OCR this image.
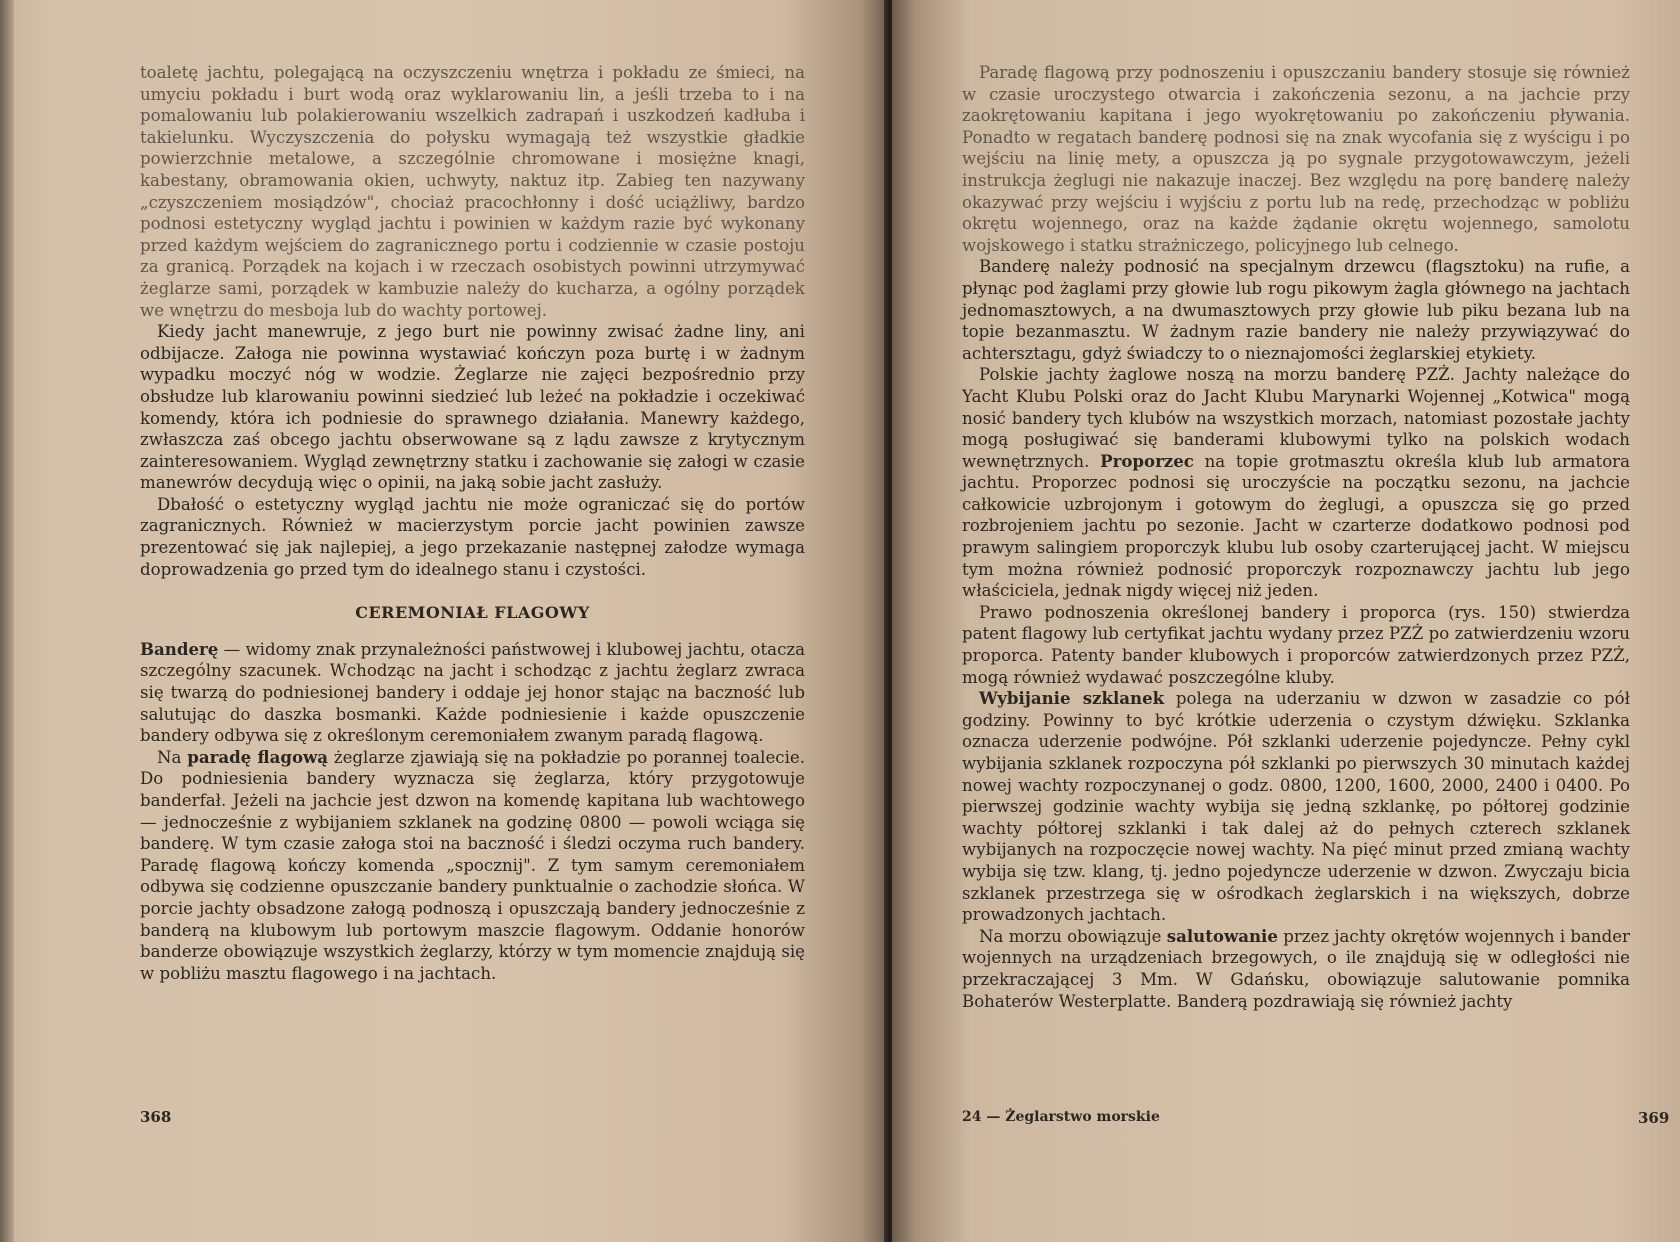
toaletę jachtu, polegającą na oczyszczeniu wnętrza i pokładu ze śmieci, na umyciu pokładu i burt wodą oraz wyklarowaniu lin, a jeśli trzeba to i na pomalowaniu lub polakierowaniu wszelkich zadrapań i uszkodzeń kadłuba i takielunku. Wyczyszczenia do połysku wymagają też wszystkie gładkie powierzchnie metalowe, a szczególnie chromowane i mosiężne knagi, kabestany, obramowania okien, uchwyty, naktuz itp. Zabieg ten nazywany „czyszczeniem mosiądzów", chociaż pracochłonny i dość uciążliwy, bardzo podnosi estetyczny wygląd jachtu i powinien w każdym razie być wykonany przed każdym wejściem do zagranicznego portu i codziennie w czasie postoju za granicą. Porządek na kojach i w rzeczach osobistych powinni utrzymywać żeglarze sami, porządek w kambuzie należy do kucharza, a ogólny porządek we wnętrzu do mesboja lub do wachty portowej.

Kiedy jacht manewruje, z jego burt nie powinny zwisać żadne liny, ani odbijacze. Załoga nie powinna wystawiać kończyn poza burtę i w żadnym wypadku moczyć nóg w wodzie. Żeglarze nie zajęci bezpośrednio przy obsłudze lub klarowaniu powinni siedzieć lub leżeć na pokładzie i oczekiwać komendy, która ich podniesie do sprawnego działania. Manewry każdego, zwłaszcza zaś obcego jachtu obserwowane są z lądu zawsze z krytycznym zainteresowaniem. Wygląd zewnętrzny statku i zachowanie się załogi w czasie manewrów decydują więc o opinii, na jaką sobie jacht zasłuży.

Dbałość o estetyczny wygląd jachtu nie może ograniczać się do portów zagranicznych. Również w macierzystym porcie jacht powinien zawsze prezentować się jak najlepiej, a jego przekazanie następnej załodze wymaga doprowadzenia go przed tym do idealnego stanu i czystości.

CEREMONIAŁ FLAGOWY

Banderę — widomy znak przynależności państwowej i klubowej jachtu, otacza szczególny szacunek. Wchodząc na jacht i schodząc z jachtu żeglarz zwraca się twarzą do podniesionej bandery i oddaje jej honor stając na baczność lub salutując do daszka bosmanki. Każde podniesienie i każde opuszczenie bandery odbywa się z określonym ceremoniałem zwanym paradą flagową.

Na paradę flagową żeglarze zjawiają się na pokładzie po porannej toalecie. Do podniesienia bandery wyznacza się żeglarza, który przygotowuje banderfał. Jeżeli na jachcie jest dzwon na komendę kapitana lub wachtowego — jednocześnie z wybijaniem szklanek na godzinę 0800 — powoli wciąga się banderę. W tym czasie załoga stoi na baczność i śledzi oczyma ruch bandery. Paradę flagową kończy komenda „spocznij". Z tym samym ceremoniałem odbywa się codzienne opuszczanie bandery punktualnie o zachodzie słońca. W porcie jachty obsadzone załogą podnoszą i opuszczają bandery jednocześnie z banderą na klubowym lub portowym maszcie flagowym. Oddanie honorów banderze obowiązuje wszystkich żeglarzy, którzy w tym momencie znajdują się w pobliżu masztu flagowego i na jachtach.

368

Paradę flagową przy podnoszeniu i opuszczaniu bandery stosuje się również w czasie uroczystego otwarcia i zakończenia sezonu, a na jachcie przy zaokrętowaniu kapitana i jego wyokrętowaniu po zakończeniu pływania. Ponadto w regatach banderę podnosi się na znak wycofania się z wyścigu i po wejściu na linię mety, a opuszcza ją po sygnale przygotowawczym, jeżeli instrukcja żeglugi nie nakazuje inaczej. Bez względu na porę banderę należy okazywać przy wejściu i wyjściu z portu lub na redę, przechodząc w pobliżu okrętu wojennego, oraz na każde żądanie okrętu wojennego, samolotu wojskowego i statku strażniczego, policyjnego lub celnego.

Banderę należy podnosić na specjalnym drzewcu (flagsztoku) na rufie, a płynąc pod żaglami przy głowie lub rogu pikowym żagla głównego na jachtach jednomasztowych, a na dwumasztowych przy głowie lub piku bezana lub na topie bezanmasztu. W żadnym razie bandery nie należy przywiązywać do achtersztagu, gdyż świadczy to o nieznajomości żeglarskiej etykiety.

Polskie jachty żaglowe noszą na morzu banderę PZŻ. Jachty należące do Yacht Klubu Polski oraz do Jacht Klubu Marynarki Wojennej „Kotwica" mogą nosić bandery tych klubów na wszystkich morzach, natomiast pozostałe jachty mogą posługiwać się banderami klubowymi tylko na polskich wodach wewnętrznych. Proporzec na topie grotmasztu określa klub lub armatora jachtu. Proporzec podnosi się uroczyście na początku sezonu, na jachcie całkowicie uzbrojonym i gotowym do żeglugi, a opuszcza się go przed rozbrojeniem jachtu po sezonie. Jacht w czarterze dodatkowo podnosi pod prawym salingiem proporczyk klubu lub osoby czarterującej jacht. W miejscu tym można również podnosić proporczyk rozpoznawczy jachtu lub jego właściciela, jednak nigdy więcej niż jeden.

Prawo podnoszenia określonej bandery i proporca (rys. 150) stwierdza patent flagowy lub certyfikat jachtu wydany przez PZŻ po zatwierdzeniu wzoru proporca. Patenty bander klubowych i proporców zatwierdzonych przez PZŻ, mogą również wydawać poszczególne kluby.

Wybijanie szklanek polega na uderzaniu w dzwon w zasadzie co pół godziny. Powinny to być krótkie uderzenia o czystym dźwięku. Szklanka oznacza uderzenie podwójne. Pół szklanki uderzenie pojedyncze. Pełny cykl wybijania szklanek rozpoczyna pół szklanki po pierwszych 30 minutach każdej nowej wachty rozpoczynanej o godz. 0800, 1200, 1600, 2000, 2400 i 0400. Po pierwszej godzinie wachty wybija się jedną szklankę, po półtorej godzinie wachty półtorej szklanki i tak dalej aż do pełnych czterech szklanek wybijanych na rozpoczęcie nowej wachty. Na pięć minut przed zmianą wachty wybija się tzw. klang, tj. jedno pojedyncze uderzenie w dzwon. Zwyczaju bicia szklanek przestrzega się w ośrodkach żeglarskich i na większych, dobrze prowadzonych jachtach.

Na morzu obowiązuje salutowanie przez jachty okrętów wojennych i bander wojennych na urządzeniach brzegowych, o ile znajdują się w odległości nie przekraczającej 3 Mm. W Gdańsku, obowiązuje salutowanie pomnika Bohaterów Westerplatte. Banderą pozdrawiają się również jachty

24 — Żeglarstwo morskie	369
